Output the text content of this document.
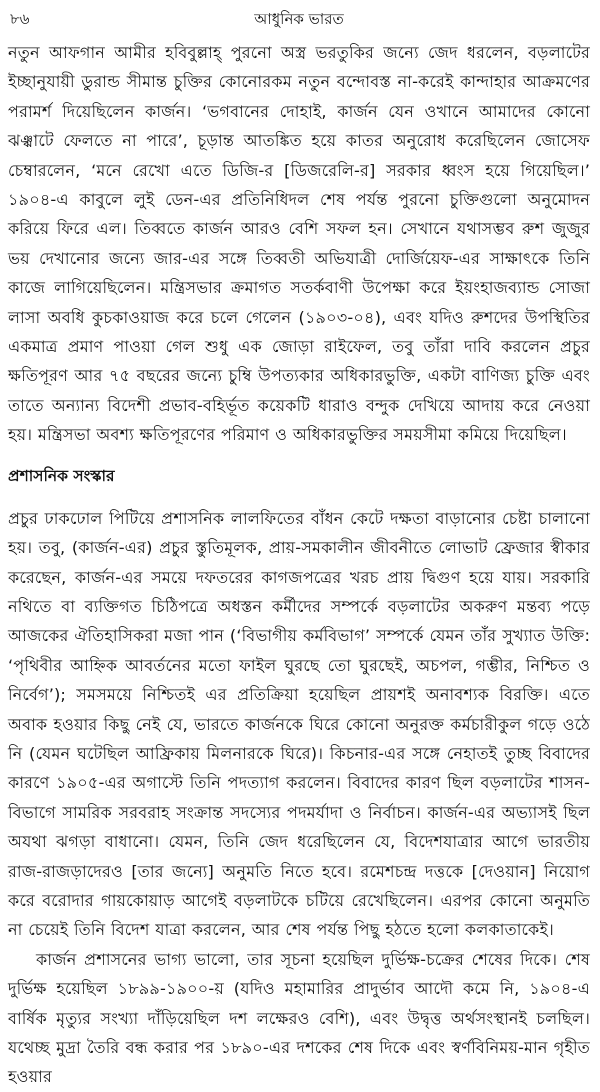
৮৬	আধুনিক ভারত

নতুন আফগান আমীর হবিবুল্লাহ্‌ পুরনো অস্ত্র ভরতুকির জন্যে জেদ ধরলেন, বড়লাটের ইচ্ছানুযায়ী ডুরান্ড সীমান্ত চুক্তির কোনোরকম নতুন বন্দোবস্ত না-করেই কান্দাহার আক্রমণের পরামর্শ দিয়েছিলেন কার্জন। ‘ভগবানের দোহাই, কার্জন যেন ওখানে আমাদের কোনো ঝঞ্ঝাটে ফেলতে না পারে’, চূড়ান্ত আতঙ্কিত হয়ে কাতর অনুরোধ করেছিলেন জোসেফ চেম্বারলেন, ‘মনে রেখো এতে ডিজি-র [ডিজরেলি-র] সরকার ধ্বংস হয়ে গিয়েছিল।’ ১৯০৪-এ কাবুলে লুই ডেন-এর প্রতিনিধিদল শেষ পর্যন্ত পুরনো চুক্তিগুলো অনুমোদন করিয়ে ফিরে এল। তিব্বতে কার্জন আরও বেশি সফল হন। সেখানে যথাসম্ভব রুশ জুজুর ভয় দেখানোর জন্যে জার-এর সঙ্গে তিব্বতী অভিযাত্রী দোর্জিয়েফ-এর সাক্ষাৎকে তিনি কাজে লাগিয়েছিলেন। মন্ত্রিসভার ক্রমাগত সতর্কবাণী উপেক্ষা করে ইয়ংহাজব্যান্ড সোজা লাসা অবধি কুচকাওয়াজ করে চলে গেলেন (১৯০৩-০৪), এবং যদিও রুশদের উপস্থিতির একমাত্র প্রমাণ পাওয়া গেল শুধু এক জোড়া রাইফেল, তবু তাঁরা দাবি করলেন প্রচুর ক্ষতিপূরণ আর ৭৫ বছরের জন্যে চুম্বি উপত্যকার অধিকারভুক্তি, একটা বাণিজ্য চুক্তি এবং তাতে অন্যান্য বিদেশী প্রভাব-বহির্ভূত কয়েকটি ধারাও বন্দুক দেখিয়ে আদায় করে নেওয়া হয়। মন্ত্রিসভা অবশ্য ক্ষতিপূরণের পরিমাণ ও অধিকারভুক্তির সময়সীমা কমিয়ে দিয়েছিল।

প্রশাসনিক সংস্কার

প্রচুর ঢাকঢোল পিটিয়ে প্রশাসনিক লালফিতের বাঁধন কেটে দক্ষতা বাড়ানোর চেষ্টা চালানো হয়। তবু, (কার্জন-এর) প্রচুর স্তুতিমূলক, প্রায়-সমকালীন জীবনীতে লোভাট ফ্রেজার স্বীকার করেছেন, কার্জন-এর সময়ে দফতরের কাগজপত্রের খরচ প্রায় দ্বিগুণ হয়ে যায়। সরকারি নথিতে বা ব্যক্তিগত চিঠিপত্রে অধস্তন কর্মীদের সম্পর্কে বড়লাটের অকরুণ মন্তব্য পড়ে আজকের ঐতিহাসিকরা মজা পান (‘বিভাগীয় কর্মবিভাগ’ সম্পর্কে যেমন তাঁর সুখ্যাত উক্তি: ‘পৃথিবীর আহ্নিক আবর্তনের মতো ফাইল ঘুরছে তো ঘুরছেই, অচপল, গম্ভীর, নিশ্চিত ও নির্বেগ’); সমসময়ে নিশ্চিতই এর প্রতিক্রিয়া হয়েছিল প্রায়শই অনাবশ্যক বিরক্তি। এতে অবাক হওয়ার কিছু নেই যে, ভারতে কার্জনকে ঘিরে কোনো অনুরক্ত কর্মচারীকুল গড়ে ওঠে নি (যেমন ঘটেছিল আফ্রিকায় মিলনারকে ঘিরে)। কিচনার-এর সঙ্গে নেহাতই তুচ্ছ বিবাদের কারণে ১৯০৫-এর অগাস্টে তিনি পদত্যাগ করলেন। বিবাদের কারণ ছিল বড়লাটের শাসন-বিভাগে সামরিক সরবরাহ সংক্রান্ত সদস্যের পদমর্যাদা ও নির্বাচন। কার্জন-এর অভ্যাসই ছিল অযথা ঝগড়া বাধানো। যেমন, তিনি জেদ ধরেছিলেন যে, বিদেশযাত্রার আগে ভারতীয় রাজ-রাজড়াদেরও [তার জন্যে] অনুমতি নিতে হবে। রমেশচন্দ্র দত্তকে [দেওয়ান] নিয়োগ করে বরোদার গায়কোয়াড় আগেই বড়লাটকে চটিয়ে রেখেছিলেন। এরপর কোনো অনুমতি না চেয়েই তিনি বিদেশ যাত্রা করলেন, আর শেষ পর্যন্ত পিছু হঠতে হলো কলকাতাকেই।

কার্জন প্রশাসনের ভাগ্য ভালো, তার সূচনা হয়েছিল দুর্ভিক্ষ-চক্রের শেষের দিকে। শেষ দুর্ভিক্ষ হয়েছিল ১৮৯৯-১৯০০-য় (যদিও মহামারির প্রাদুর্ভাব আদৌ কমে নি, ১৯০৪-এ বার্ষিক মৃত্যুর সংখ্যা দাঁড়িয়েছিল দশ লক্ষেরও বেশি), এবং উদ্বৃত্ত অর্থসংস্থানই চলছিল। যথেচ্ছ মুদ্রা তৈরি বন্ধ করার পর ১৮৯০-এর দশকের শেষ দিকে এবং স্বর্ণবিনিময়-মান গৃহীত হওয়ার
